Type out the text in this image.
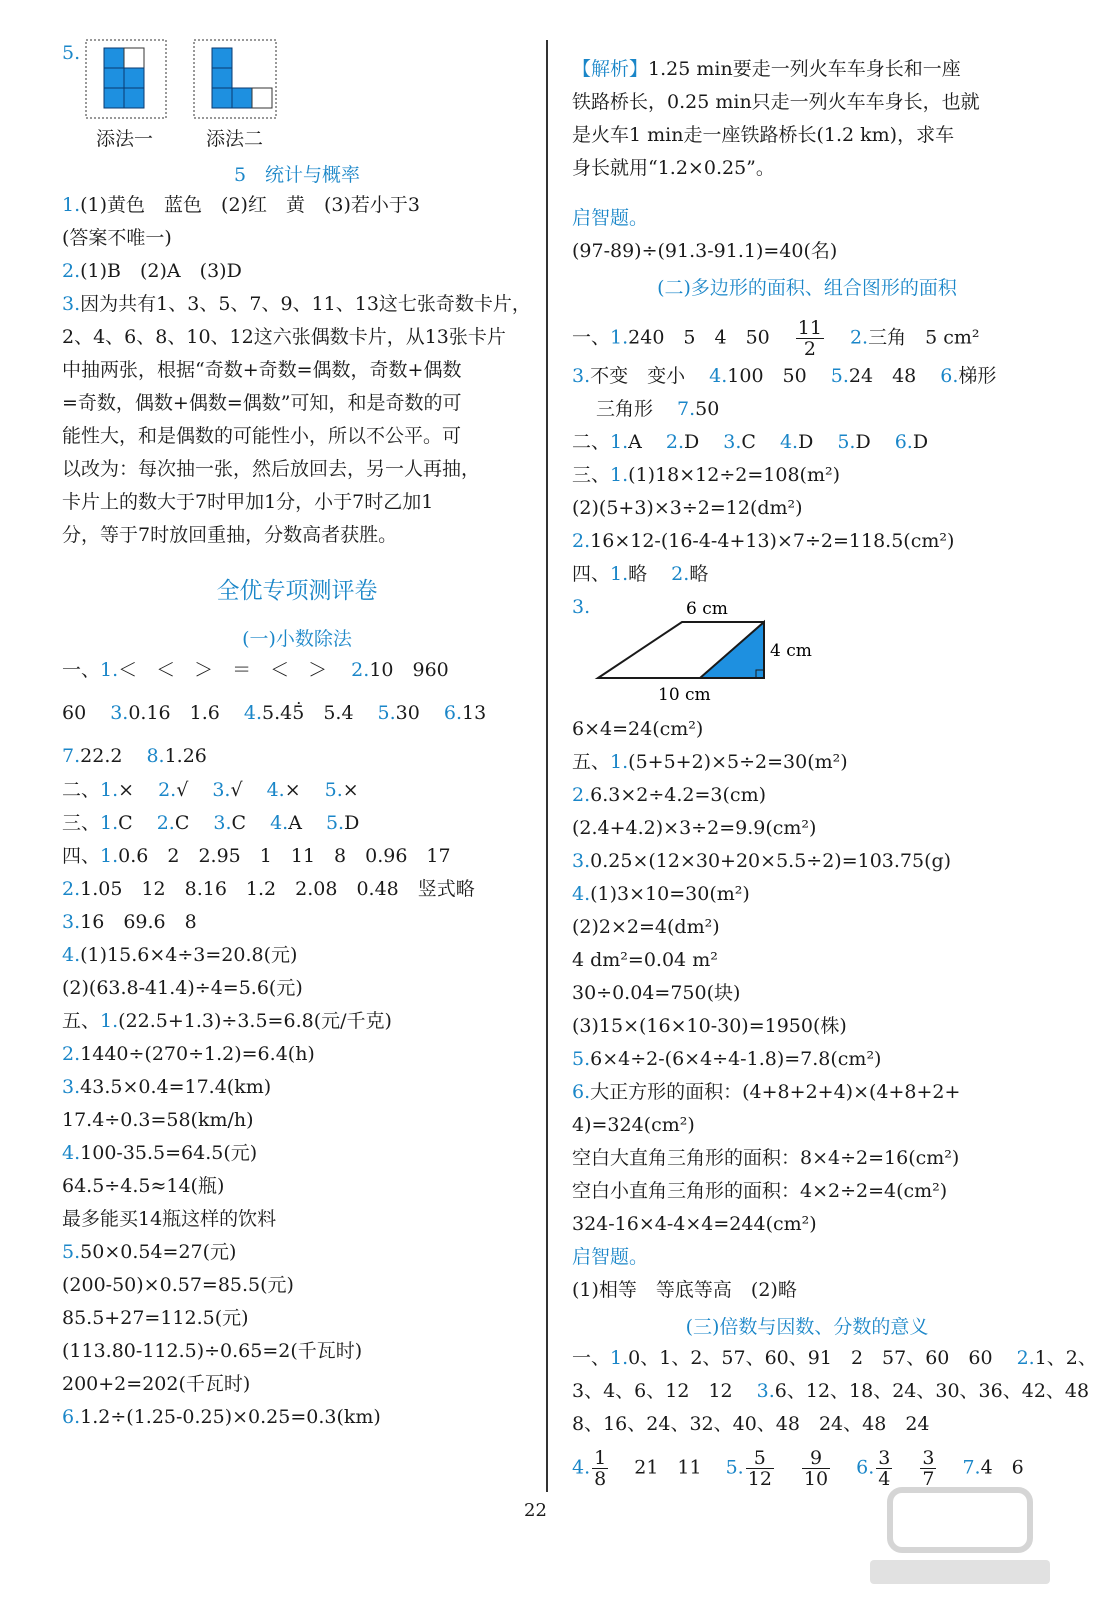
5.
添法一	添法二
5　统计与概率
1.(1)黄色　蓝色　(2)红　黄　(3)若小于3
(答案不唯一)
2.(1)B　(2)A　(3)D
3.因为共有1、3、5、7、9、11、13这七张奇数卡片，
2、4、6、8、10、12这六张偶数卡片，从13张卡片
中抽两张，根据“奇数+奇数=偶数，奇数+偶数
=奇数，偶数+偶数=偶数”可知，和是奇数的可
能性大，和是偶数的可能性小，所以不公平。可
以改为：每次抽一张，然后放回去，另一人再抽，
卡片上的数大于7时甲加1分，小于7时乙加1
分，等于7时放回重抽，分数高者获胜。
全优专项测评卷
(一)小数除法
一、1.＜　＜　＞　＝　＜　＞ 2.10　960
60 3.0.16　1.6 4.5.4. 5　5.4 5.30 6.13
7.22.2 8.1.26
二、1.× 2.√ 3.√ 4.× 5.×
三、1.C 2.C 3.C 4.A 5.D
四、1.0.6　2　2.95　1　11　8　0.96　17
2.1.05　12　8.16　1.2　2.08　0.48　竖式略
3.16　69.6　8
4.(1)15.6×4÷3=20.8(元)
(2)(63.8-41.4)÷4=5.6(元)
五、1.(22.5+1.3)÷3.5=6.8(元/千克)
2.1440÷(270÷1.2)=6.4(h)
3.43.5×0.4=17.4(km)
17.4÷0.3=58(km/h)
4.100-35.5=64.5(元)
64.5÷4.5≈14(瓶)
最多能买14瓶这样的饮料
5.50×0.54=27(元)
(200-50)×0.57=85.5(元)
85.5+27=112.5(元)
(113.80-112.5)÷0.65=2(千瓦时)
200+2=202(千瓦时)
6.1.2÷(1.25-0.25)×0.25=0.3(km)
【解析】1.25 min要走一列火车车身长和一座
铁路桥长，0.25 min只走一列火车车身长，也就
是火车1 min走一座铁路桥长(1.2 km)，求车
身长就用“1.2×0.25”。
启智题。
(97-89)÷(91.3-91.1)=40(名)
(二)多边形的面积、组合图形的面积
一、1.240　5　4　$50 \frac{11}{2} 2$.三角　5 cm²
3.不变　变小 4.100　50 5.24　48 6.梯形
三角形 7.50
二、1.A 2.D 3.C 4.D 5.D 6.D
三、1.(1)18×12÷2=108(m²)
(2)(5+3)×3÷2=12(dm²)
2.16×12-(16-4-4+13)×7÷2=118.5(cm²)
四、1.略 2.略
3.	6 cm
4 cm
10 cm
6×4=24(cm²)
五、1.(5+5+2)×5÷2=30(m²)
2.6.3×2÷4.2=3(cm)
(2.4+4.2)×3÷2=9.9(cm²)
3.0.25×(12×30+20×5.5÷2)=103.75(g)
4.(1)3×10=30(m²)
(2)2×2=4(dm²)
4 dm²=0.04 m²
30÷0.04=750(块)
(3)15×(16×10-30)=1950(株)
5.6×4÷2-(6×4÷4-1.8)=7.8(cm²)
6.大正方形的面积：(4+8+2+4)×(4+8+2+
4)=324(cm²)
空白大直角三角形的面积：8×4÷2=16(cm²)
空白小直角三角形的面积：4×2÷2=4(cm²)
324-16×4-4×4=244(cm²)
启智题。
(1)相等　等底等高　(2)略
(三)倍数与因数、分数的意义
一、1.0、1、2、57、60、91　2　57、60　60 2.1、2、
3、4、6、12　12 3.6、12、18、24、30、36、42、48
8、16、24、32、40、48　24、48　24
4. $\frac{1}{8} 21$　11 5. $\frac{5}{12} \frac{9}{10} 6$. $\frac{3}{4} \frac{3}{7} 7.4$　6
22
